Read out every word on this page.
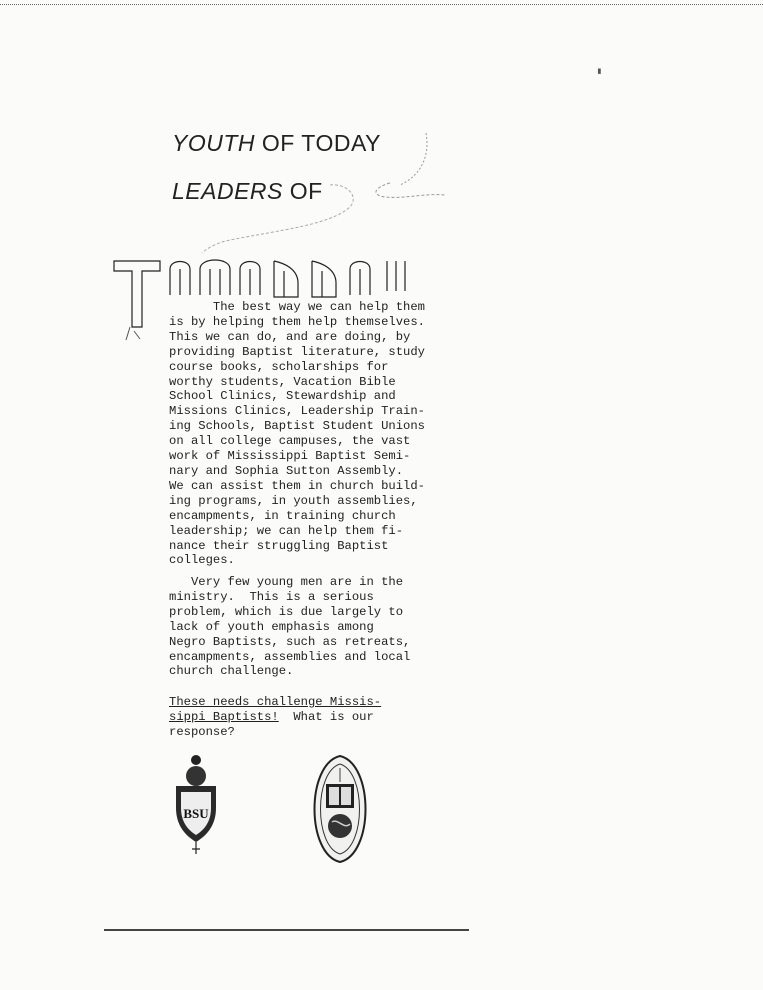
YOUTH OF TODAY
LEADERS OF
The best way we can help them
is by helping them help themselves.
This we can do, and are doing, by
providing Baptist literature, study
course books, scholarships for
worthy students, Vacation Bible
School Clinics, Stewardship and
Missions Clinics, Leadership Train-
ing Schools, Baptist Student Unions
on all college campuses, the vast
work of Mississippi Baptist Semi-
nary and Sophia Sutton Assembly.
We can assist them in church build-
ing programs, in youth assemblies,
encampments, in training church
leadership; we can help them fi-
nance their struggling Baptist
colleges.
Very few young men are in the
ministry.  This is a serious
problem, which is due largely to
lack of youth emphasis among
Negro Baptists, such as retreats,
encampments, assemblies and local
church challenge.
These needs challenge Missis-
sippi Baptists!  What is our
response?
BSU
▘
